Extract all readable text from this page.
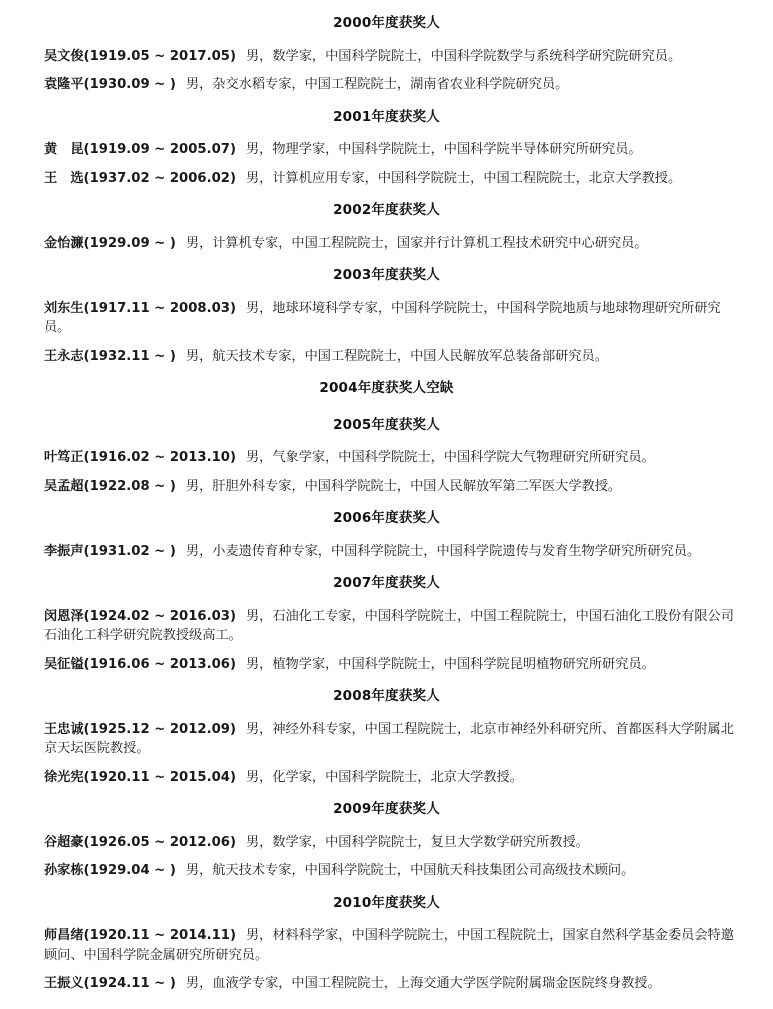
2000年度获奖人
吴文俊(1919.05 ~ 2017.05) 男，数学家，中国科学院院士，中国科学院数学与系统科学研究院研究员。
袁隆平(1930.09 ~ ) 男，杂交水稻专家，中国工程院院士，湖南省农业科学院研究员。
2001年度获奖人
黄　昆(1919.09 ~ 2005.07) 男，物理学家，中国科学院院士，中国科学院半导体研究所研究员。
王　选(1937.02 ~ 2006.02) 男，计算机应用专家，中国科学院院士，中国工程院院士，北京大学教授。
2002年度获奖人
金怡濂(1929.09 ~ ) 男，计算机专家，中国工程院院士，国家并行计算机工程技术研究中心研究员。
2003年度获奖人
刘东生(1917.11 ~ 2008.03) 男，地球环境科学专家，中国科学院院士，中国科学院地质与地球物理研究所研究员。
王永志(1932.11 ~ ) 男，航天技术专家，中国工程院院士，中国人民解放军总装备部研究员。
2004年度获奖人空缺
2005年度获奖人
叶笃正(1916.02 ~ 2013.10) 男，气象学家，中国科学院院士，中国科学院大气物理研究所研究员。
吴孟超(1922.08 ~ ) 男，肝胆外科专家，中国科学院院士，中国人民解放军第二军医大学教授。
2006年度获奖人
李振声(1931.02 ~ ) 男，小麦遗传育种专家，中国科学院院士，中国科学院遗传与发育生物学研究所研究员。
2007年度获奖人
闵恩泽(1924.02 ~ 2016.03) 男，石油化工专家，中国科学院院士，中国工程院院士，中国石油化工股份有限公司石油化工科学研究院教授级高工。
吴征镒(1916.06 ~ 2013.06) 男，植物学家，中国科学院院士，中国科学院昆明植物研究所研究员。
2008年度获奖人
王忠诚(1925.12 ~ 2012.09) 男，神经外科专家，中国工程院院士，北京市神经外科研究所、首都医科大学附属北京天坛医院教授。
徐光宪(1920.11 ~ 2015.04) 男，化学家，中国科学院院士，北京大学教授。
2009年度获奖人
谷超豪(1926.05 ~ 2012.06) 男，数学家，中国科学院院士，复旦大学数学研究所教授。
孙家栋(1929.04 ~ ) 男，航天技术专家，中国科学院院士，中国航天科技集团公司高级技术顾问。
2010年度获奖人
师昌绪(1920.11 ~ 2014.11) 男，材料科学家，中国科学院院士，中国工程院院士，国家自然科学基金委员会特邀顾问、中国科学院金属研究所研究员。
王振义(1924.11 ~ ) 男，血液学专家，中国工程院院士，上海交通大学医学院附属瑞金医院终身教授。
